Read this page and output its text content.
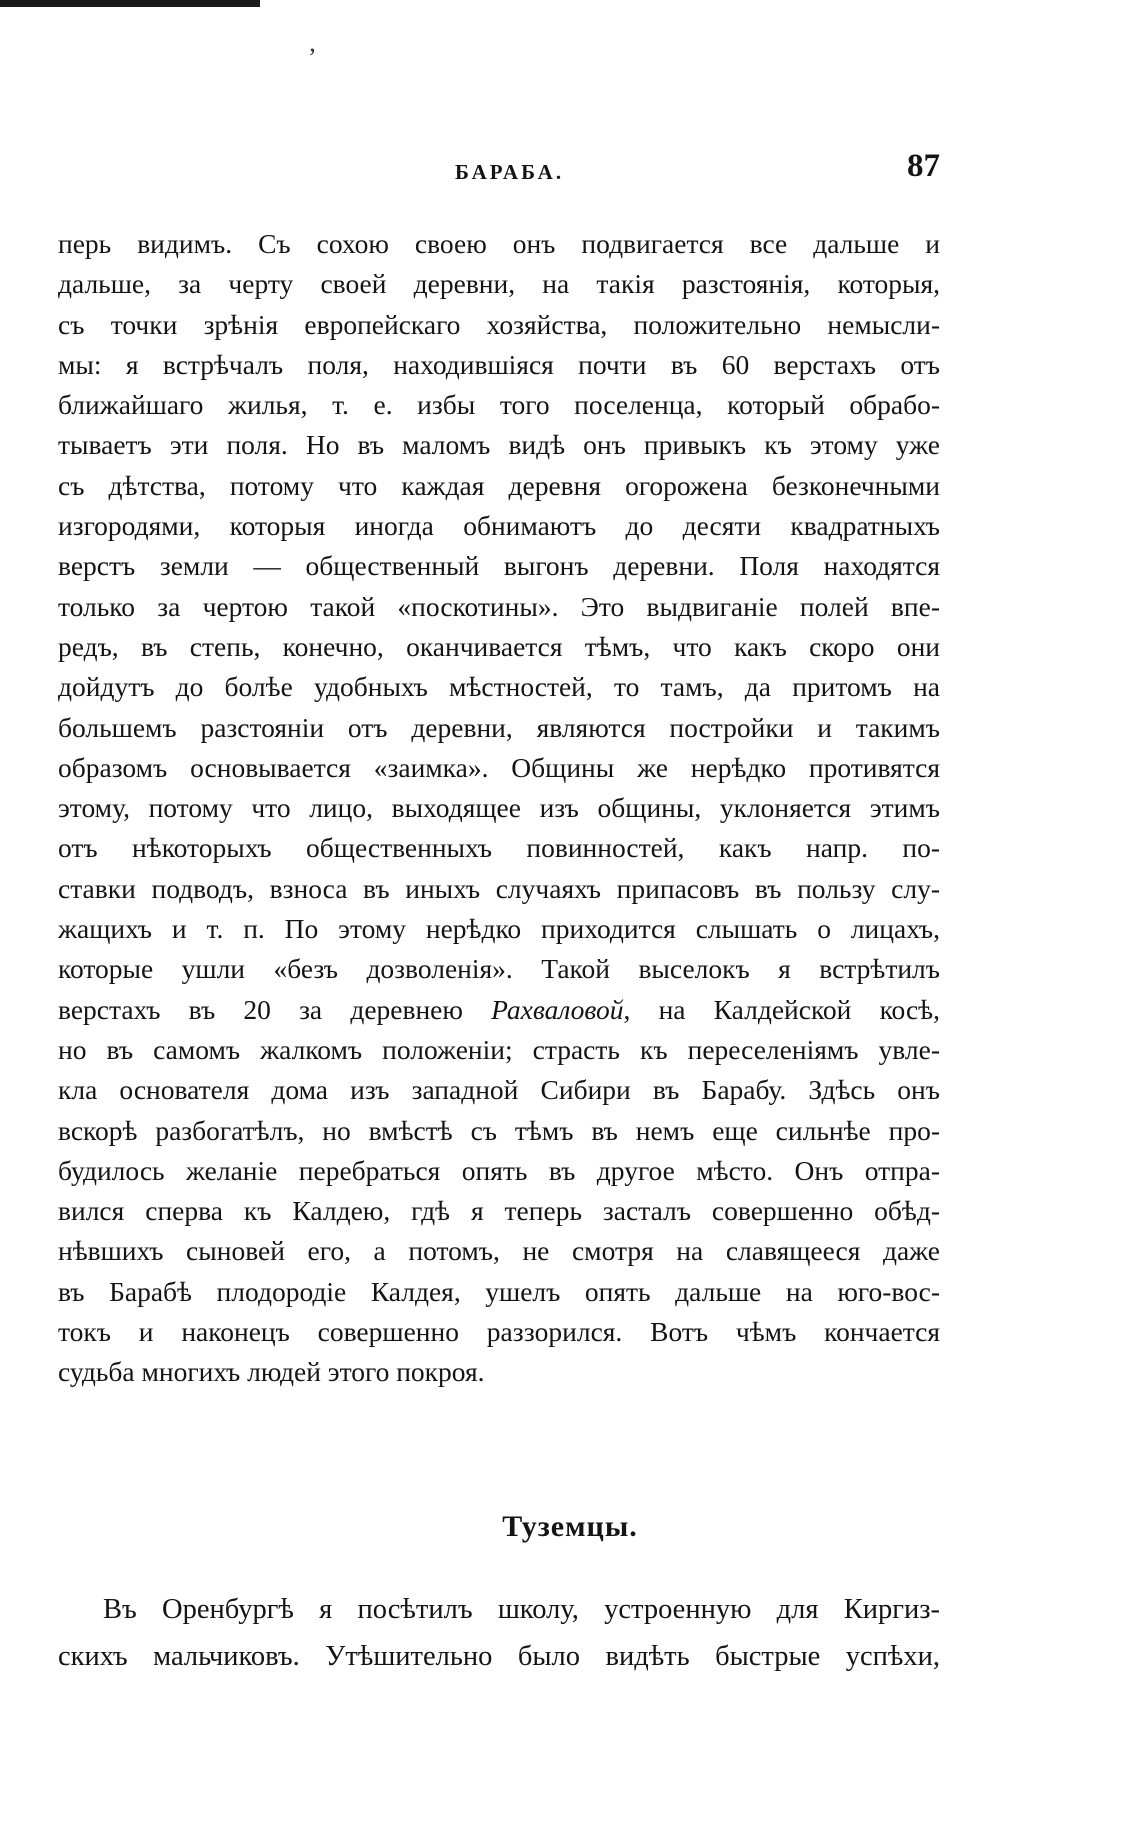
‚
БАРАБА.	87
перь видимъ. Съ сохою своею онъ подвигается все дальше и
дальше, за черту своей деревни, на такія разстоянія, которыя,
съ точки зрѣнія европейскаго хозяйства, положительно немысли-
мы: я встрѣчалъ поля, находившіяся почти въ 60 верстахъ отъ
ближайшаго жилья, т. е. избы того поселенца, который обрабо-
тываетъ эти поля. Но въ маломъ видѣ онъ привыкъ къ этому уже
съ дѣтства, потому что каждая деревня огорожена безконечными
изгородями, которыя иногда обнимаютъ до десяти квадратныхъ
верстъ земли — общественный выгонъ деревни. Поля находятся
только за чертою такой «поскотины». Это выдвиганіе полей впе-
редъ, въ степь, конечно, оканчивается тѣмъ, что какъ скоро они
дойдутъ до болѣе удобныхъ мѣстностей, то тамъ, да притомъ на
большемъ разстояніи отъ деревни, являются постройки и такимъ
образомъ основывается «заимка». Общины же нерѣдко противятся
этому, потому что лицо, выходящее изъ общины, уклоняется этимъ
отъ нѣкоторыхъ общественныхъ повинностей, какъ напр. по-
ставки подводъ, взноса въ иныхъ случаяхъ припасовъ въ пользу слу-
жащихъ и т. п. По этому нерѣдко приходится слышать о лицахъ,
которые ушли «безъ дозволенія». Такой выселокъ я встрѣтилъ
верстахъ въ 20 за деревнею Рахваловой, на Калдейской косѣ,
но въ самомъ жалкомъ положеніи; страсть къ переселеніямъ увле-
кла основателя дома изъ западной Сибири въ Барабу. Здѣсь онъ
вскорѣ разбогатѣлъ, но вмѣстѣ съ тѣмъ въ немъ еще сильнѣе про-
будилось желаніе перебраться опять въ другое мѣсто. Онъ отпра-
вился сперва къ Калдею, гдѣ я теперь засталъ совершенно обѣд-
нѣвшихъ сыновей его, а потомъ, не смотря на славящееся даже
въ Барабѣ плодородіе Калдея, ушелъ опять дальше на юго-вос-
токъ и наконецъ совершенно раззорился. Вотъ чѣмъ кончается
судьба многихъ людей этого покроя.
Туземцы.
Въ Оренбургѣ я посѣтилъ школу, устроенную для Киргиз-
скихъ мальчиковъ. Утѣшительно было видѣть быстрые успѣхи,
